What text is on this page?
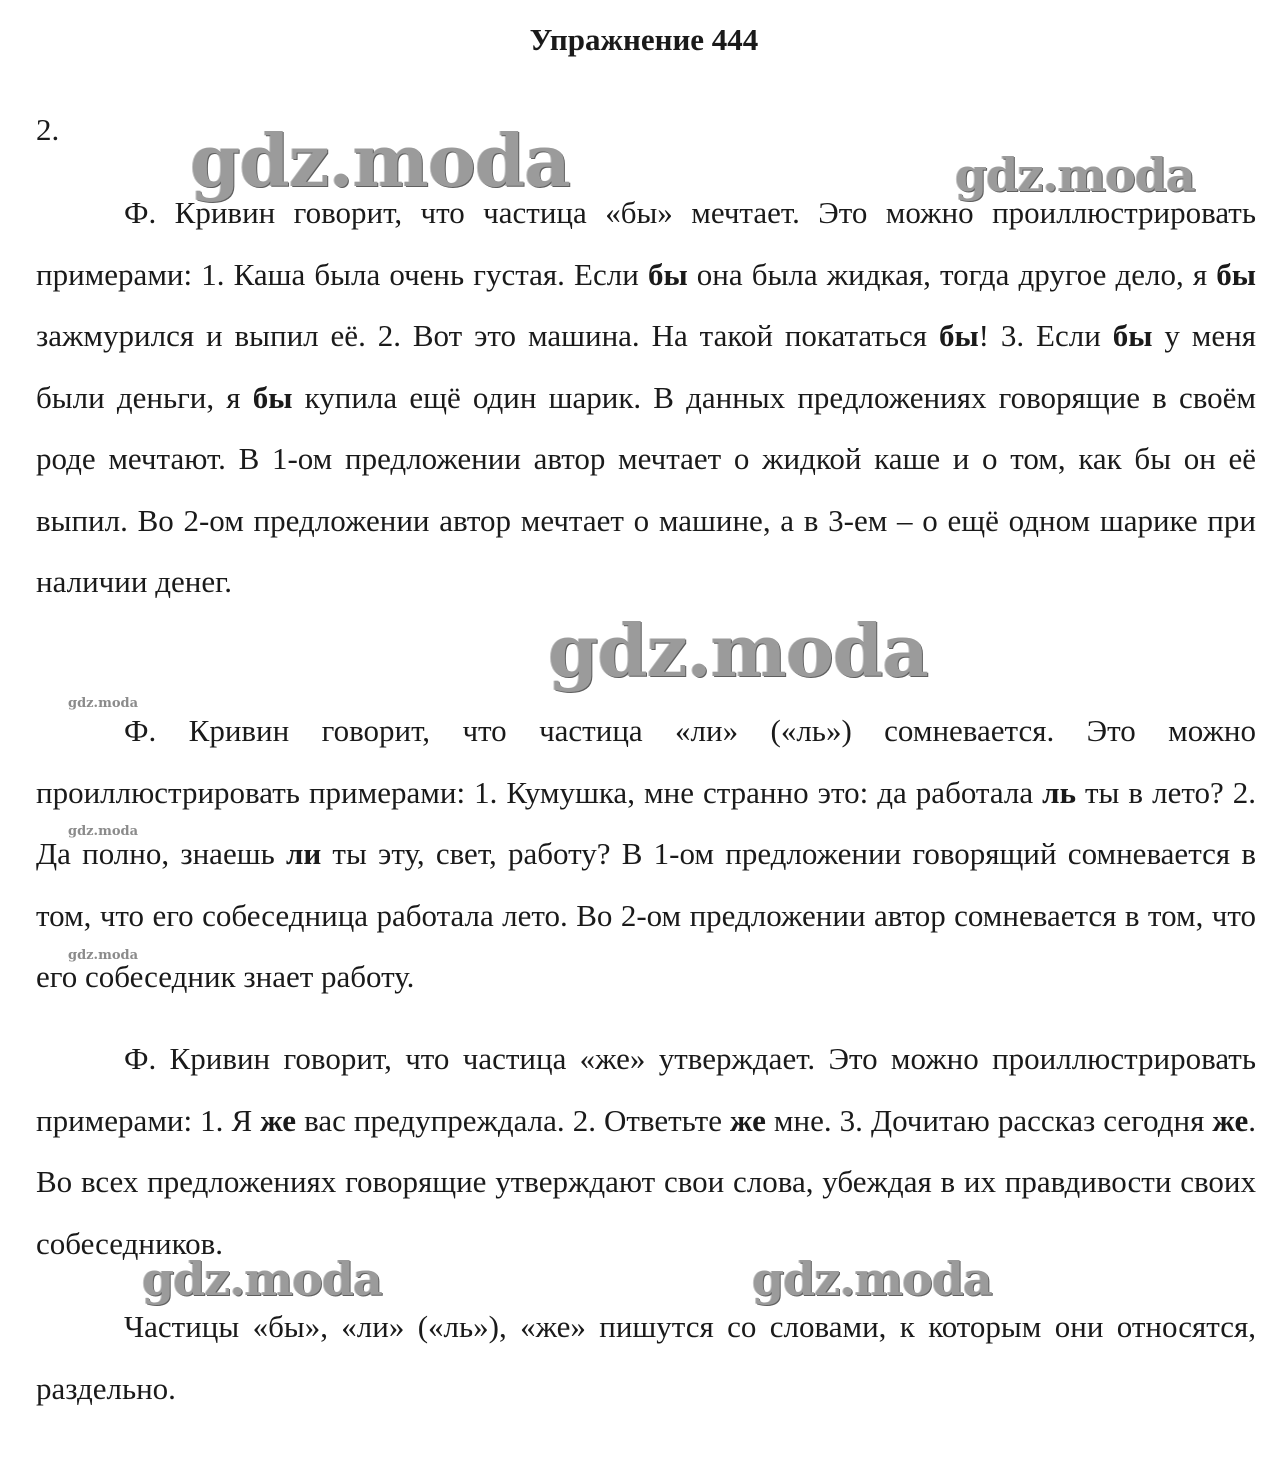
Упражнение 444
2. gdz.moda	gdz.moda
Ф. Кривин говорит, что частица «бы» мечтает. Это можно проиллюстрировать примерами: 1. Каша была очень густая. Если бы она была жидкая, тогда другое дело, я бы зажмурился и выпил её. 2. Вот это машина. На такой покататься бы! 3. Если бы у меня были деньги, я бы купила ещё один шарик. В данных предложениях говорящие в своём роде мечтают. В 1-ом предложении автор мечтает о жидкой каше и о том, как бы он её выпил. Во 2-ом предложении автор мечтает о машине, а в 3-ем – о ещё одном шарике при наличии денег.
gdz.moda
gdz.moda
Ф. Кривин говорит, что частица «ли» («ль») сомневается. Это можно проиллюстрировать примерами: 1. Кумушка, мне странно это: да работала ль ты в лето? 2. Да полно, знаешь ли ты эту, свет, работу? В 1-ом предложении говорящий сомневается в том, что его собеседница работала лето. Во 2-ом предложении автор сомневается в том, что его собеседник знает работу.
gdz.moda
gdz.moda
Ф. Кривин говорит, что частица «же» утверждает. Это можно проиллюстрировать примерами: 1. Я же вас предупреждала. 2. Ответьте же мне. 3. Дочитаю рассказ сегодня же. Во всех предложениях говорящие утверждают свои слова, убеждая в их правдивости своих собеседников.
gdz.moda	gdz.moda
Частицы «бы», «ли» («ль»), «же» пишутся со словами, к которым они относятся, раздельно.
